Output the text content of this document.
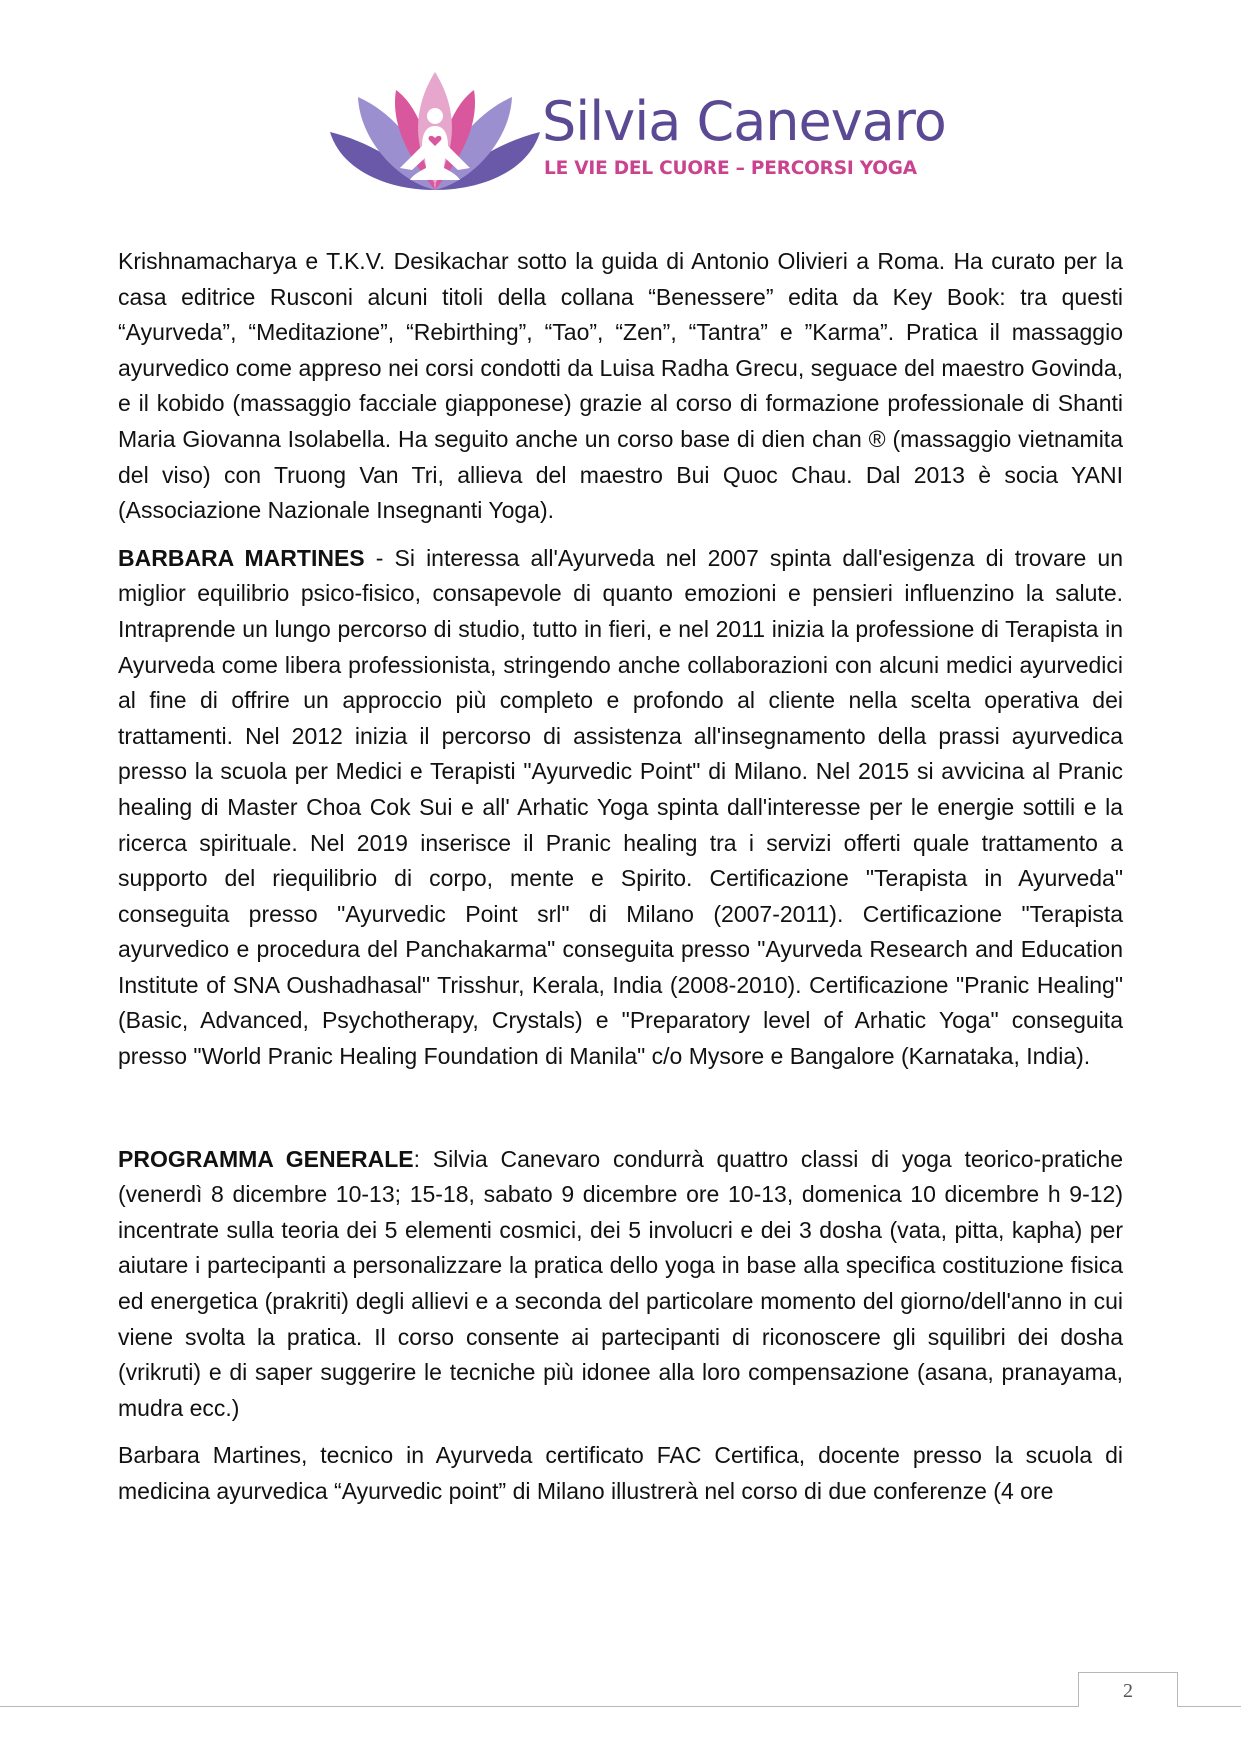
Silvia Canevaro
LE VIE DEL CUORE – PERCORSI YOGA

Krishnamacharya e T.K.V. Desikachar sotto la guida di Antonio Olivieri a Roma. Ha curato per la casa editrice Rusconi alcuni titoli della collana “Benessere” edita da Key Book: tra questi “Ayurveda”, “Meditazione”, “Rebirthing”, “Tao”, “Zen”, “Tantra” e ”Karma”. Pratica il massaggio ayurvedico come appreso nei corsi condotti da Luisa Radha Grecu, seguace del maestro Govinda, e il kobido (massaggio facciale giapponese) grazie al corso di formazione professionale di Shanti Maria Giovanna Isolabella. Ha seguito anche un corso base di dien chan ® (massaggio vietnamita del viso) con Truong Van Tri, allieva del maestro Bui Quoc Chau. Dal 2013 è socia YANI (Associazione Nazionale Insegnanti Yoga).

BARBARA MARTINES - Si interessa all'Ayurveda nel 2007 spinta dall'esigenza di trovare un miglior equilibrio psico-fisico, consapevole di quanto emozioni e pensieri influenzino la salute. Intraprende un lungo percorso di studio, tutto in fieri, e nel 2011 inizia la professione di Terapista in Ayurveda come libera professionista, stringendo anche collaborazioni con alcuni medici ayurvedici al fine di offrire un approccio più completo e profondo al cliente nella scelta operativa dei trattamenti. Nel 2012 inizia il percorso di assistenza all'insegnamento della prassi ayurvedica presso la scuola per Medici e Terapisti "Ayurvedic Point" di Milano. Nel 2015 si avvicina al Pranic healing di Master Choa Cok Sui e all' Arhatic Yoga spinta dall'interesse per le energie sottili e la ricerca spirituale. Nel 2019 inserisce il Pranic healing tra i servizi offerti quale trattamento a supporto del riequilibrio di corpo, mente e Spirito. Certificazione "Terapista in Ayurveda" conseguita presso "Ayurvedic Point srl" di Milano (2007-2011). Certificazione "Terapista ayurvedico e procedura del Panchakarma" conseguita presso "Ayurveda Research and Education Institute of SNA Oushadhasal" Trisshur, Kerala, India (2008-2010). Certificazione "Pranic Healing" (Basic, Advanced, Psychotherapy, Crystals) e "Preparatory level of Arhatic Yoga" conseguita presso "World Pranic Healing Foundation di Manila" c/o Mysore e Bangalore (Karnataka, India).

PROGRAMMA GENERALE: Silvia Canevaro condurrà quattro classi di yoga teorico-pratiche (venerdì 8 dicembre 10-13; 15-18, sabato 9 dicembre ore 10-13, domenica 10 dicembre h 9-12) incentrate sulla teoria dei 5 elementi cosmici, dei 5 involucri e dei 3 dosha (vata, pitta, kapha) per aiutare i partecipanti a personalizzare la pratica dello yoga in base alla specifica costituzione fisica ed energetica (prakriti) degli allievi e a seconda del particolare momento del giorno/dell'anno in cui viene svolta la pratica. Il corso consente ai partecipanti di riconoscere gli squilibri dei dosha (vrikruti) e di saper suggerire le tecniche più idonee alla loro compensazione (asana, pranayama, mudra ecc.)

Barbara Martines, tecnico in Ayurveda certificato FAC Certifica, docente presso la scuola di medicina ayurvedica “Ayurvedic point” di Milano illustrerà nel corso di due conferenze (4 ore

2
